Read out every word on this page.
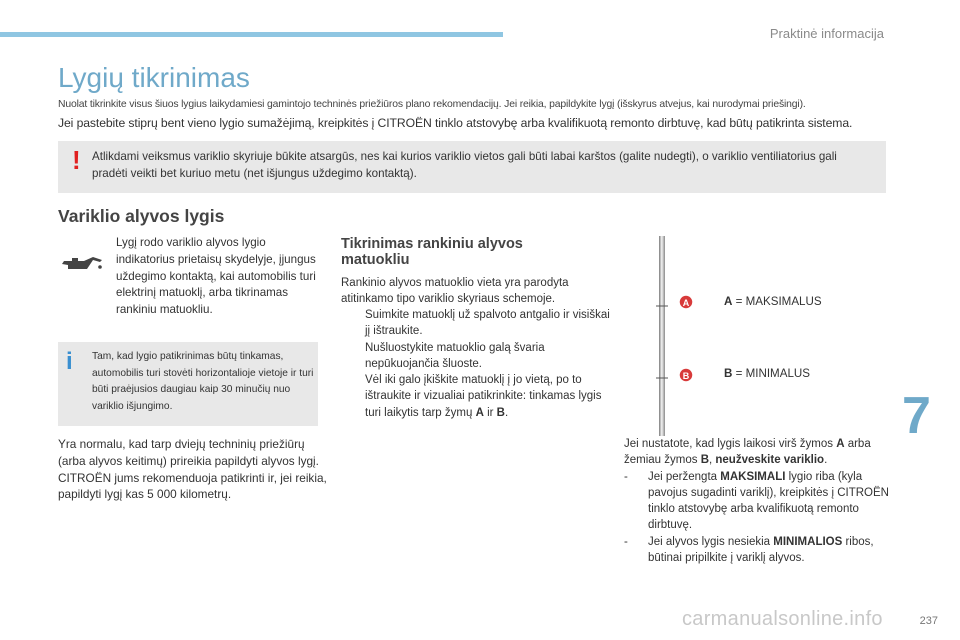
Praktinė informacija
Lygių tikrinimas
Nuolat tikrinkite visus šiuos lygius laikydamiesi gamintojo techninės priežiūros plano rekomendacijų. Jei reikia, papildykite lygį (išskyrus atvejus, kai nurodymai priešingi).
Jei pastebite stiprų bent vieno lygio sumažėjimą, kreipkitės į CITROËN tinklo atstovybę arba kvalifikuotą remonto dirbtuvę, kad būtų patikrinta sistema.
! Atlikdami veiksmus variklio skyriuje būkite atsargūs, nes kai kurios variklio vietos gali būti labai karštos (galite nudegti), o variklio ventiliatorius gali pradėti veikti bet kuriuo metu (net išjungus uždegimo kontaktą).
Variklio alyvos lygis
Lygį rodo variklio alyvos lygio indikatorius prietaisų skydelyje, įjungus uždegimo kontaktą, kai automobilis turi elektrinį matuoklį, arba tikrinamas rankiniu matuokliu.
i Tam, kad lygio patikrinimas būtų tinkamas, automobilis turi stovėti horizontalioje vietoje ir turi būti praėjusios daugiau kaip 30 minučių nuo variklio išjungimo.
Yra normalu, kad tarp dviejų techninių priežiūrų (arba alyvos keitimų) prireikia papildyti alyvos lygį. CITROËN jums rekomenduoja patikrinti ir, jei reikia, papildyti lygį kas 5 000 kilometrų.
Tikrinimas rankiniu alyvos matuokliu
Rankinio alyvos matuoklio vieta yra parodyta atitinkamo tipo variklio skyriaus schemoje.
Suimkite matuoklį už spalvoto antgalio ir visiškai jį ištraukite.
Nušluostykite matuoklio galą švaria nepūkuojančia šluoste.
Vėl iki galo įkiškite matuoklį į jo vietą, po to ištraukite ir vizualiai patikrinkite: tinkamas lygis turi laikytis tarp žymų A ir B.
A
B
A = MAKSIMALUS
B = MINIMALUS
Jei nustatote, kad lygis laikosi virš žymos A arba žemiau žymos B, neužveskite variklio.
- Jei peržengta MAKSIMALI lygio riba (kyla pavojus sugadinti variklį), kreipkitės į CITROËN tinklo atstovybę arba kvalifikuotą remonto dirbtuvę.
- Jei alyvos lygis nesiekia MINIMALIOS ribos, būtinai pripilkite į variklį alyvos.
7
carmanualsonline.info	237
